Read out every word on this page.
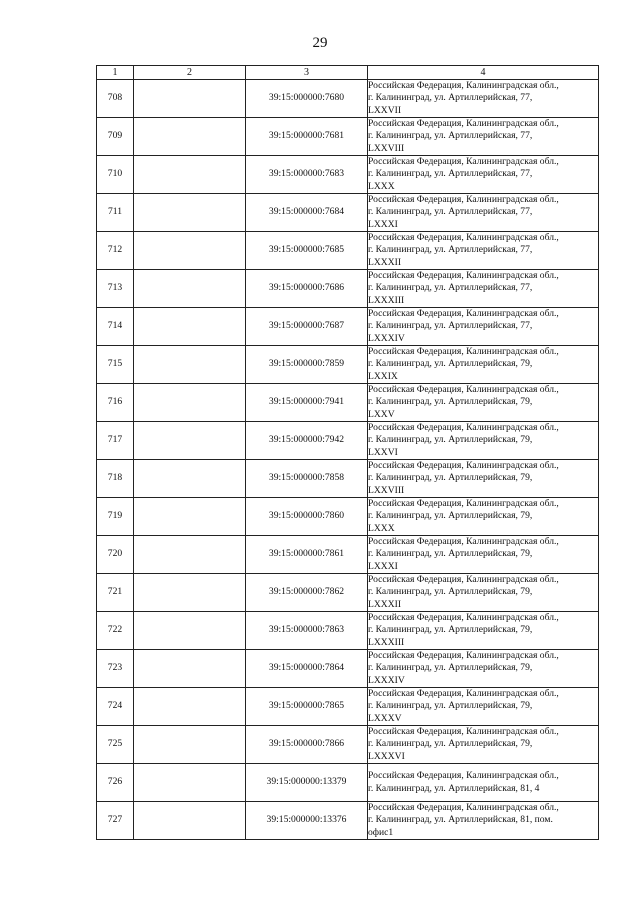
29
1	2	3	4
708		39:15:000000:7680	Российская Федерация, Калининградская обл.,
г. Калининград, ул. Артиллерийская, 77,
LXXVII

709		39:15:000000:7681	Российская Федерация, Калининградская обл.,
г. Калининград, ул. Артиллерийская, 77,
LXXVIII

710		39:15:000000:7683	Российская Федерация, Калининградская обл.,
г. Калининград, ул. Артиллерийская, 77,
LXXX

711		39:15:000000:7684	Российская Федерация, Калининградская обл.,
г. Калининград, ул. Артиллерийская, 77,
LXXXI

712		39:15:000000:7685	Российская Федерация, Калининградская обл.,
г. Калининград, ул. Артиллерийская, 77,
LXXXII

713		39:15:000000:7686	Российская Федерация, Калининградская обл.,
г. Калининград, ул. Артиллерийская, 77,
LXXXIII

714		39:15:000000:7687	Российская Федерация, Калининградская обл.,
г. Калининград, ул. Артиллерийская, 77,
LXXXIV

715		39:15:000000:7859	Российская Федерация, Калининградская обл.,
г. Калининград, ул. Артиллерийская, 79,
LXXIX

716		39:15:000000:7941	Российская Федерация, Калининградская обл.,
г. Калининград, ул. Артиллерийская, 79,
LXXV

717		39:15:000000:7942	Российская Федерация, Калининградская обл.,
г. Калининград, ул. Артиллерийская, 79,
LXXVI

718		39:15:000000:7858	Российская Федерация, Калининградская обл.,
г. Калининград, ул. Артиллерийская, 79,
LXXVIII

719		39:15:000000:7860	Российская Федерация, Калининградская обл.,
г. Калининград, ул. Артиллерийская, 79,
LXXX

720		39:15:000000:7861	Российская Федерация, Калининградская обл.,
г. Калининград, ул. Артиллерийская, 79,
LXXXI

721		39:15:000000:7862	Российская Федерация, Калининградская обл.,
г. Калининград, ул. Артиллерийская, 79,
LXXXII

722		39:15:000000:7863	Российская Федерация, Калининградская обл.,
г. Калининград, ул. Артиллерийская, 79,
LXXXIII

723		39:15:000000:7864	Российская Федерация, Калининградская обл.,
г. Калининград, ул. Артиллерийская, 79,
LXXXIV

724		39:15:000000:7865	Российская Федерация, Калининградская обл.,
г. Калининград, ул. Артиллерийская, 79,
LXXXV

725		39:15:000000:7866	Российская Федерация, Калининградская обл.,
г. Калининград, ул. Артиллерийская, 79,
LXXXVI

726		39:15:000000:13379	Российская Федерация, Калининградская обл.,
г. Калининград, ул. Артиллерийская, 81, 4

727		39:15:000000:13376	Российская Федерация, Калининградская обл.,
г. Калининград, ул. Артиллерийская, 81, пом.
офис1
